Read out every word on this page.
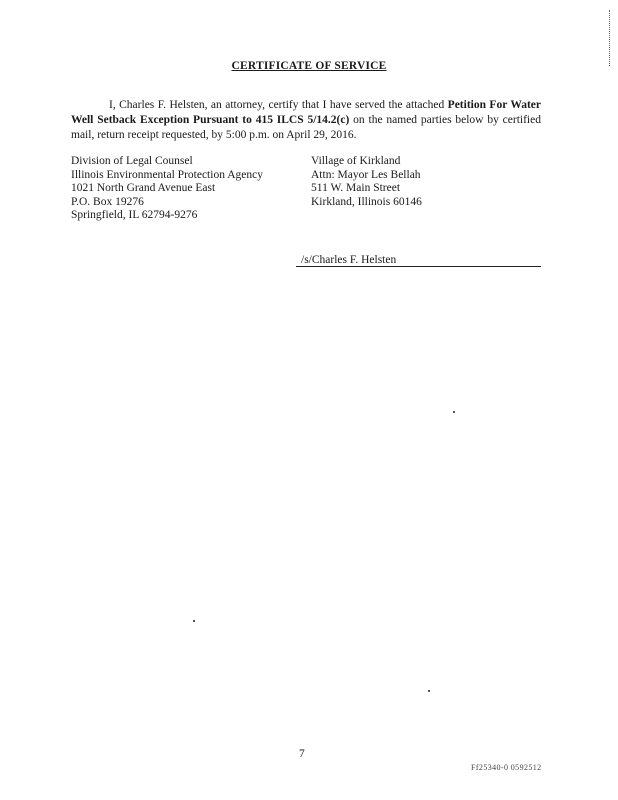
CERTIFICATE OF SERVICE
I, Charles F. Helsten, an attorney, certify that I have served the attached Petition For Water Well Setback Exception Pursuant to 415 ILCS 5/14.2(c) on the named parties below by certified mail, return receipt requested, by 5:00 p.m. on April 29, 2016.
Division of Legal Counsel
Illinois Environmental Protection Agency
1021 North Grand Avenue East
P.O. Box 19276
Springfield, IL 62794-9276
Village of Kirkland
Attn: Mayor Les Bellah
511 W. Main Street
Kirkland, Illinois 60146
/s/Charles F. Helsten
7
Ff25340-0 0592512
